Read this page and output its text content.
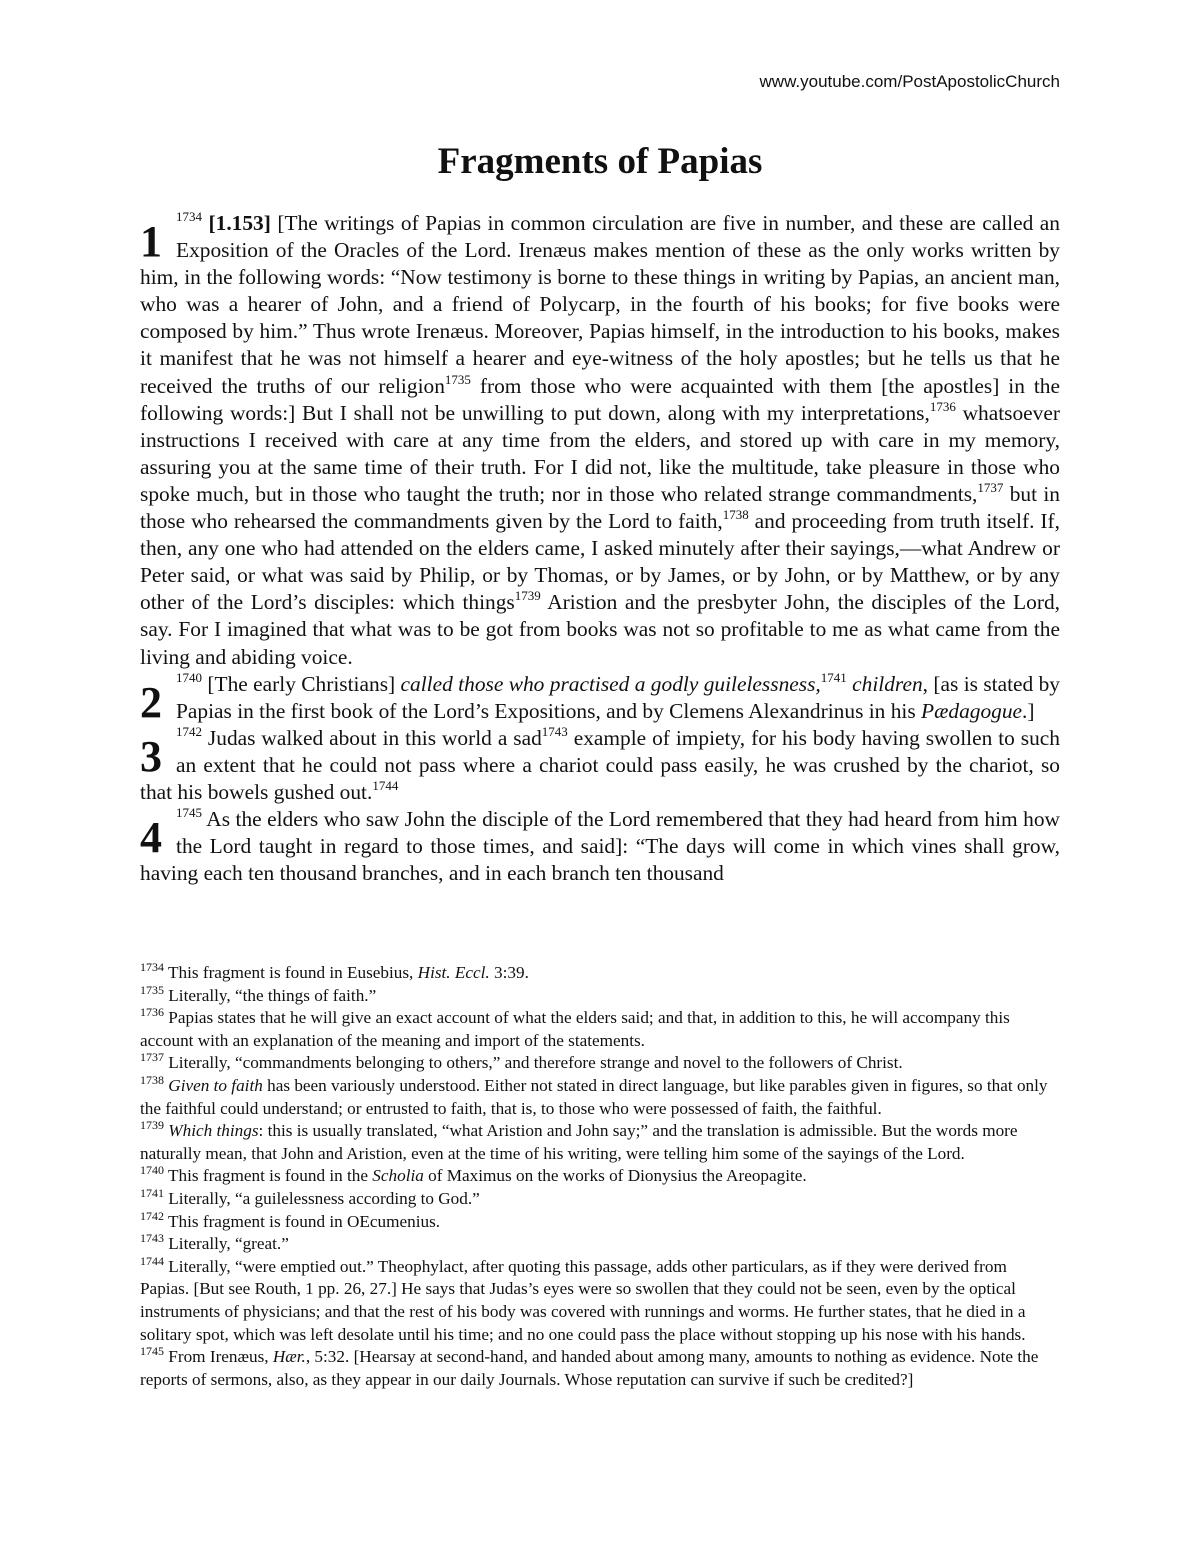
www.youtube.com/PostApostolicChurch
Fragments of Papias

1
$^{1734}$ [1.153] [The writings of Papias in common circulation are five in number, and these are called an Exposition of the Oracles of the Lord. Irenæus makes mention of these as the only works written by him, in the following words: “Now testimony is borne to these things in writing by Papias, an ancient man, who was a hearer of John, and a friend of Polycarp, in the fourth of his books; for five books were composed by him.” Thus wrote Irenæus. Moreover, Papias himself, in the introduction to his books, makes it manifest that he was not himself a hearer and eye-witness of the holy apostles; but he tells us that he received the truths of our religion$^{1735}$ from those who were acquainted with them [the apostles] in the following words:] But I shall not be unwilling to put down, along with my interpretations,$^{1736}$ whatsoever instructions I received with care at any time from the elders, and stored up with care in my memory, assuring you at the same time of their truth. For I did not, like the multitude, take pleasure in those who spoke much, but in those who taught the truth; nor in those who related strange commandments,$^{1737}$ but in those who rehearsed the commandments given by the Lord to faith,$^{1738}$ and proceeding from truth itself. If, then, any one who had attended on the elders came, I asked minutely after their sayings,—what Andrew or Peter said, or what was said by Philip, or by Thomas, or by James, or by John, or by Matthew, or by any other of the Lord’s disciples: which things$^{1739}$ Aristion and the presbyter John, the disciples of the Lord, say. For I imagined that what was to be got from books was not so profitable to me as what came from the living and abiding voice.

2
$^{1740}$ [The early Christians] called those who practised a godly guilelessness,$^{1741}$ children, [as is stated by Papias in the first book of the Lord’s Expositions, and by Clemens Alexandrinus in his Pædagogue.]

3
$^{1742}$ Judas walked about in this world a sad$^{1743}$ example of impiety, for his body having swollen to such an extent that he could not pass where a chariot could pass easily, he was crushed by the chariot, so that his bowels gushed out.$^{1744}$

4
$^{1745}$ As the elders who saw John the disciple of the Lord remembered that they had heard from him how the Lord taught in regard to those times, and said]: “The days will come in which vines shall grow, having each ten thousand branches, and in each branch ten thousand

$^{1734}$ This fragment is found in Eusebius, Hist. Eccl. 3:39.

$^{1735}$ Literally, “the things of faith.”

$^{1736}$ Papias states that he will give an exact account of what the elders said; and that, in addition to this, he will accompany this account with an explanation of the meaning and import of the statements.

$^{1737}$ Literally, “commandments belonging to others,” and therefore strange and novel to the followers of Christ.

$^{1738}$ Given to faith has been variously understood. Either not stated in direct language, but like parables given in figures, so that only the faithful could understand; or entrusted to faith, that is, to those who were possessed of faith, the faithful.

$^{1739}$ Which things: this is usually translated, “what Aristion and John say;” and the translation is admissible. But the words more naturally mean, that John and Aristion, even at the time of his writing, were telling him some of the sayings of the Lord.

$^{1740}$ This fragment is found in the Scholia of Maximus on the works of Dionysius the Areopagite.

$^{1741}$ Literally, “a guilelessness according to God.”

$^{1742}$ This fragment is found in OEcumenius.

$^{1743}$ Literally, “great.”

$^{1744}$ Literally, “were emptied out.” Theophylact, after quoting this passage, adds other particulars, as if they were derived from Papias. [But see Routh, 1 pp. 26, 27.] He says that Judas’s eyes were so swollen that they could not be seen, even by the optical instruments of physicians; and that the rest of his body was covered with runnings and worms. He further states, that he died in a solitary spot, which was left desolate until his time; and no one could pass the place without stopping up his nose with his hands.

$^{1745}$ From Irenæus, Hær., 5:32. [Hearsay at second-hand, and handed about among many, amounts to nothing as evidence. Note the reports of sermons, also, as they appear in our daily Journals. Whose reputation can survive if such be credited?]
